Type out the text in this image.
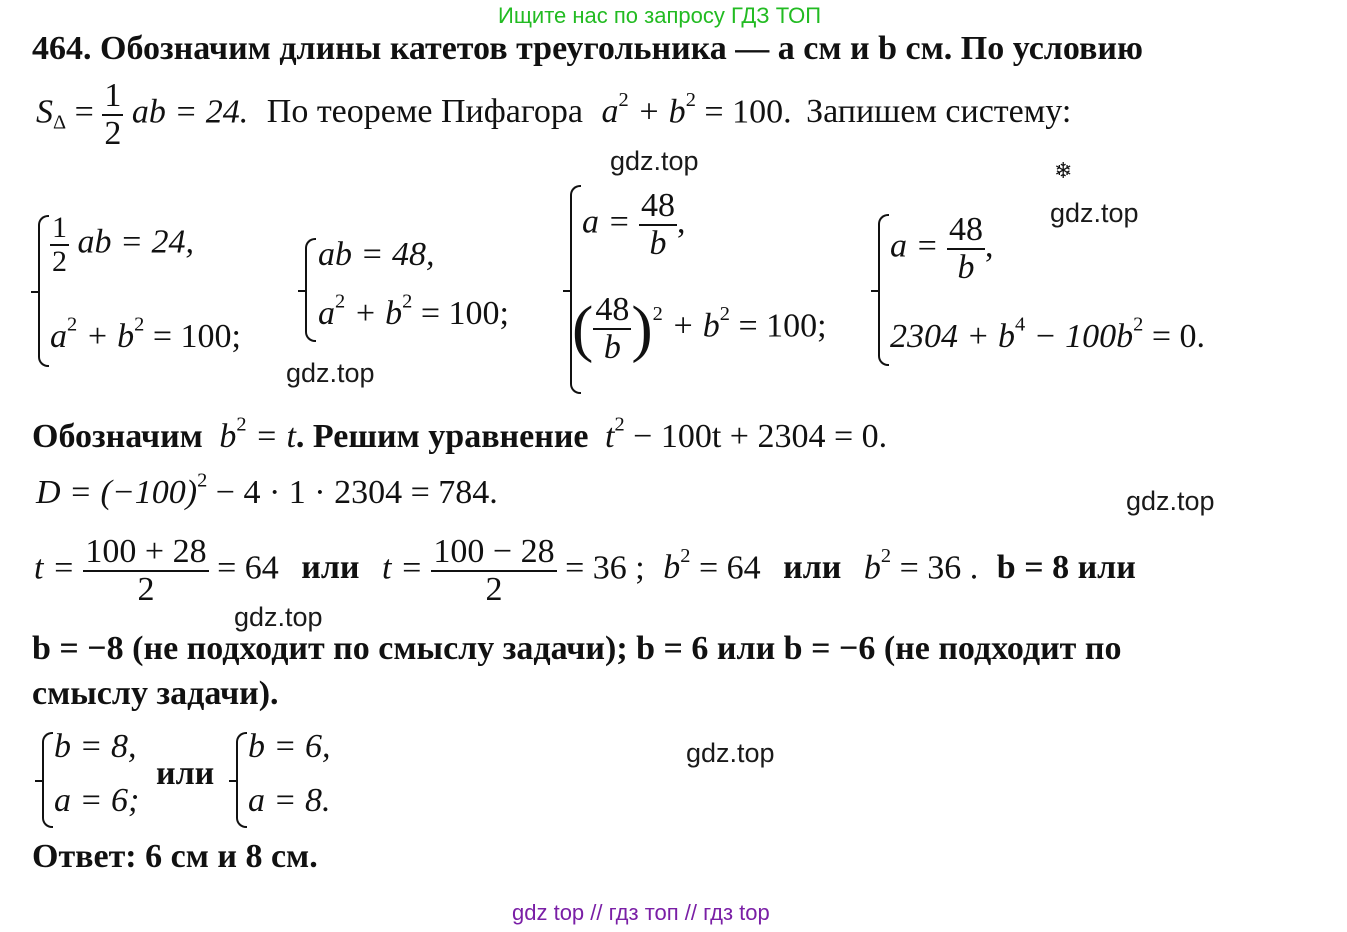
Ищите нас по запросу ГДЗ ТОП
464. Обозначим длины катетов треугольника — a см и b см. По условию
$S_\Delta = \frac{1}{2}$ ab = 24. По теореме Пифагора $a^2 + b^2 = 100$. Запишем систему:
$\frac{1}{2}$ ab = 24,
$a^2 + b^2 = 100$;
ab = 48,
$a^2 + b^2 = 100$;
$a = \frac{48}{b}$ ,
( $\frac{48}{b} )^2 + b^2 = 100$;
$a = \frac{48}{b}$ ,
$2304 + b^4 - 100b^2 = 0$.
Обозначим $b^2 = t$. Решим уравнение $t^2 - 100t + 2304 = 0$.
$D = (-100)^2 - 4 \cdot 1 \cdot 2304 = 784$.
$t = \frac{100 + 28}{2} = 64$ или $t = \frac{100 - 28}{2} = 36$ ; $b^2 = 64$ или $b^2 = 36$ . b = 8 или
b = −8 (не подходит по смыслу задачи); b = 6 или b = −6 (не подходит по
смыслу задачи).
b = 8,
a = 6;
или
b = 6,
a = 8.
Ответ: 6 см и 8 см.
gdz.top
gdz.top
gdz.top
gdz.top
gdz.top
gdz.top
❄
gdz top // гдз топ // гдз top
